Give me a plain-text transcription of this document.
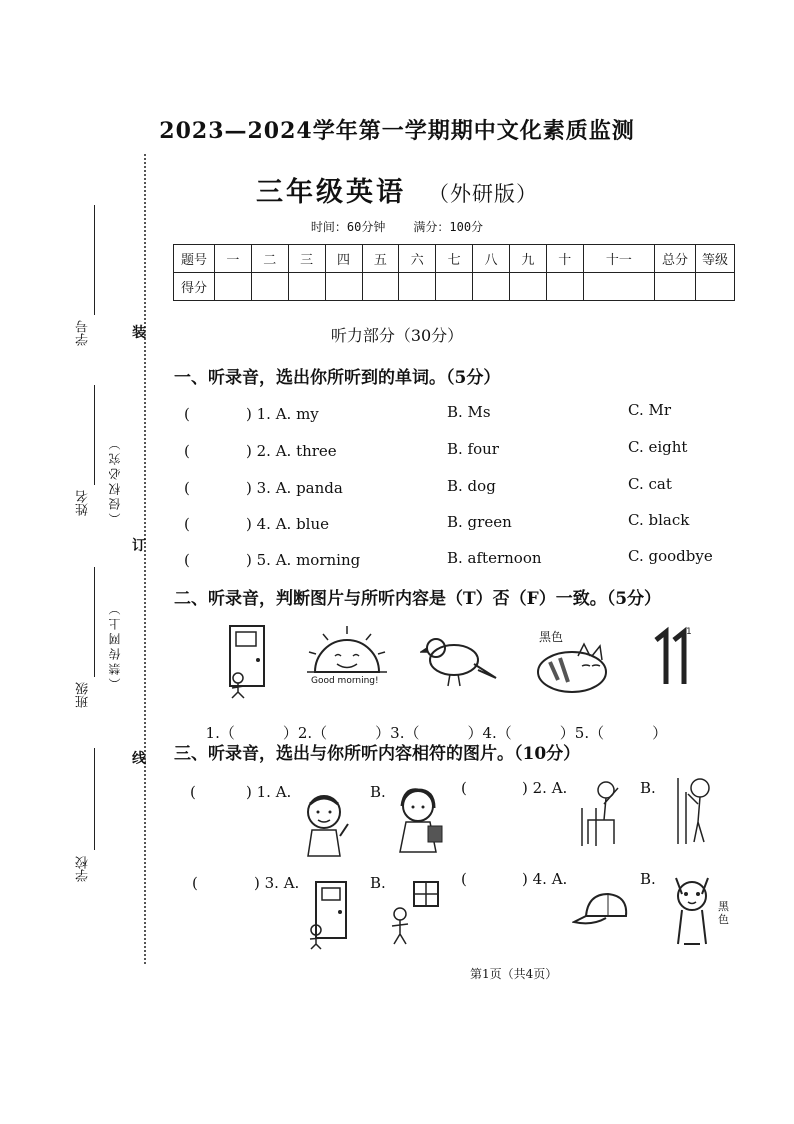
装
订
线
学号
姓名 （侵权必究）
班级
（禁传网上）
学校
2023—2024学年第一学期期中文化素质监测
三年级英语 （外研版）
时间：60分钟 满分：100分
题号	一	二	三	四	五	六	七	八	九	十	十一	总分	等级
得分													
听力部分（30分）
一、听录音，选出你所听到的单词。（5分）
(	) 1. A. my	B. Ms	C. Mr
(	) 2. A. three	B. four	C. eight
(	) 3. A. panda	B. dog	C. cat
(	) 4. A. blue	B. green	C. black
(	) 5. A. morning	B. afternoon	C. goodbye
二、听录音，判断图片与所听内容是（T）否（F）一致。（5分）
Good morning!
黑色	1

1.（	）2.（	）3.（	）4.（	）5.（	）

三、听录音，选出与你所听内容相符的图片。（10分）
(	) 1. A.	B.	(	) 2. A.	B.
(	) 3. A.	B.	(	) 4. A.	B.
黑色
第1页（共4页）
